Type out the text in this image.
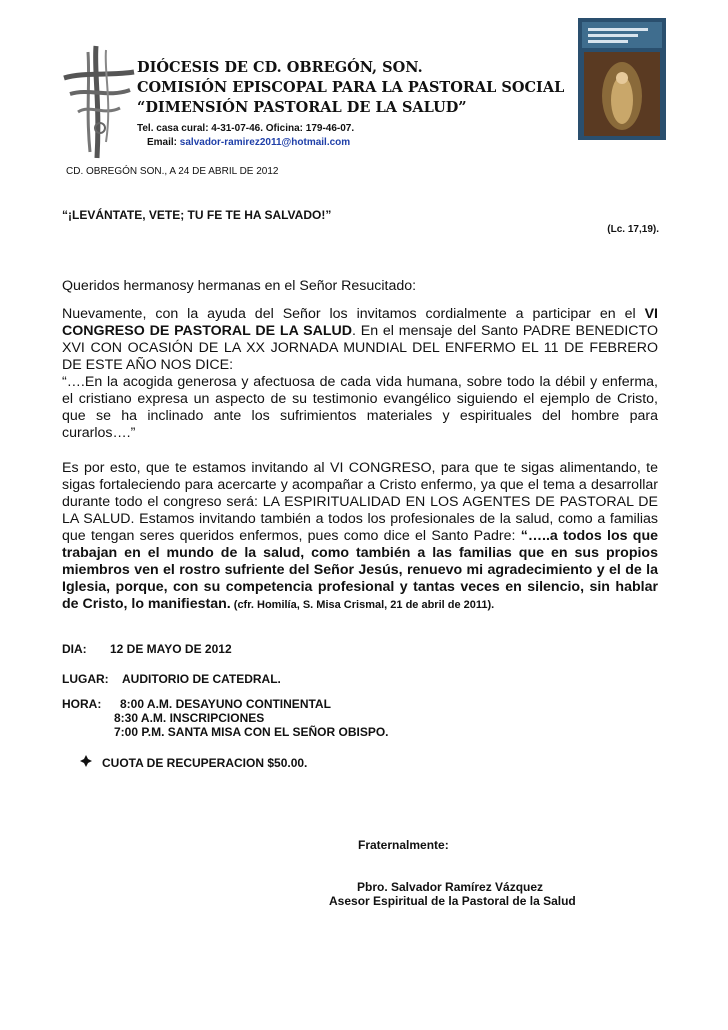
DIÓCESIS DE CD. OBREGÓN, SON.
COMISIÓN EPISCOPAL PARA LA PASTORAL SOCIAL
“DIMENSIÓN PASTORAL DE LA SALUD”
Tel. casa cural: 4-31-07-46. Oficina: 179-46-07.
Email: salvador-ramirez2011@hotmail.com
CD. OBREGÓN SON., A 24 DE ABRIL DE 2012
“¡LEVÁNTATE, VETE; TU FE TE HA SALVADO!”
(Lc. 17,19).
Queridos hermanosy hermanas en el Señor Resucitado:
Nuevamente, con la ayuda del Señor los invitamos cordialmente a participar en el VI CONGRESO DE PASTORAL DE LA SALUD. En el mensaje del Santo PADRE BENEDICTO XVI CON OCASIÓN DE LA XX JORNADA MUNDIAL DEL ENFERMO EL 11 DE FEBRERO DE ESTE AÑO NOS DICE:
“….En la acogida generosa y afectuosa de cada vida humana, sobre todo la débil y enferma, el cristiano expresa un aspecto de su testimonio evangélico siguiendo el ejemplo de Cristo, que se ha inclinado ante los sufrimientos materiales y espirituales del hombre para curarlos….”
Es por esto, que te estamos invitando al VI CONGRESO, para que te sigas alimentando, te sigas fortaleciendo para acercarte y acompañar a Cristo enfermo, ya que el tema a desarrollar durante todo el congreso será: LA ESPIRITUALIDAD EN LOS AGENTES DE PASTORAL DE LA SALUD. Estamos invitando también a todos los profesionales de la salud, como a familias que tengan seres queridos enfermos, pues como dice el Santo Padre: “…..a todos los que trabajan en el mundo de la salud, como también a las familias que en sus propios miembros ven el rostro sufriente del Señor Jesús, renuevo mi agradecimiento y el de la Iglesia, porque, con su competencia profesional y tantas veces en silencio, sin hablar de Cristo, lo manifiestan. (cfr. Homilía, S. Misa Crismal, 21 de abril de 2011).
DIA: 12 DE MAYO DE 2012
LUGAR: AUDITORIO DE CATEDRAL.
HORA: 8:00 A.M. DESAYUNO CONTINENTAL
8:30 A.M. INSCRIPCIONES
7:00 P.M. SANTA MISA CON EL SEÑOR OBISPO.
CUOTA DE RECUPERACION $50.00.
Fraternalmente:
Pbro. Salvador Ramírez Vázquez
Asesor Espiritual de la Pastoral de la Salud
